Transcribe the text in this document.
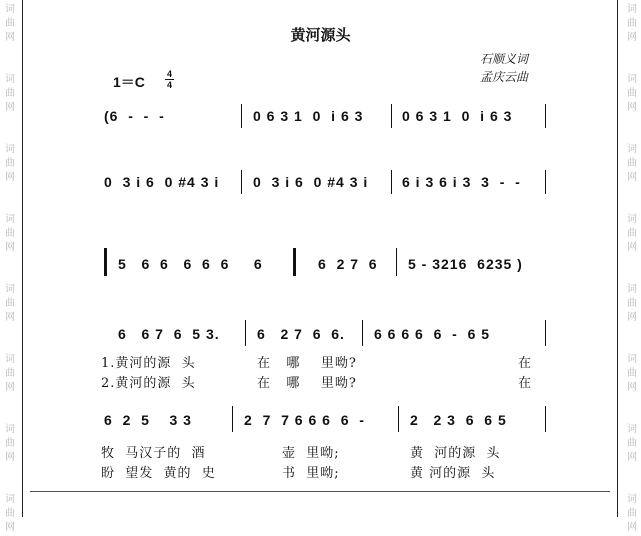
词
曲
网
词
曲
网
词
曲
网
词
曲
网
词
曲
网
词
曲
网
词
曲
网
词
曲
网
词
曲
网
词
曲
网
词
曲
网
词
曲
网
词
曲
网
词
曲
网
词
曲
网
词
曲
网
黄河源头
石顺义词
孟庆云曲
1＝C 4
4
(6  -  -  -	0 6 3 1  0  i 6 3	0 6 3 1  0  i 6 3
0  3 i 6  0 #4 3 i 0  3 i 6  0 #4 3 i 6 i 3 6 i 3  3  -  -
5   6  6   6  6  6     6	6  2 7  6 5 - 3216  6235 )
6   6 7  6  5 3.	6   2 7  6  6. 6 6 6 6  6  -  6 5
1.黄河的源  头	在   哪    里呦?	在
2.黄河的源  头	在   哪    里呦?	在
6  2  5    3 3	2  7  7 6 6 6  6  -	2   2 3  6  6 5
牧  马汉子的  酒	壶  里呦;	黄  河的源  头
盼  望发  黄的  史	书  里呦;	黄 河的源  头
